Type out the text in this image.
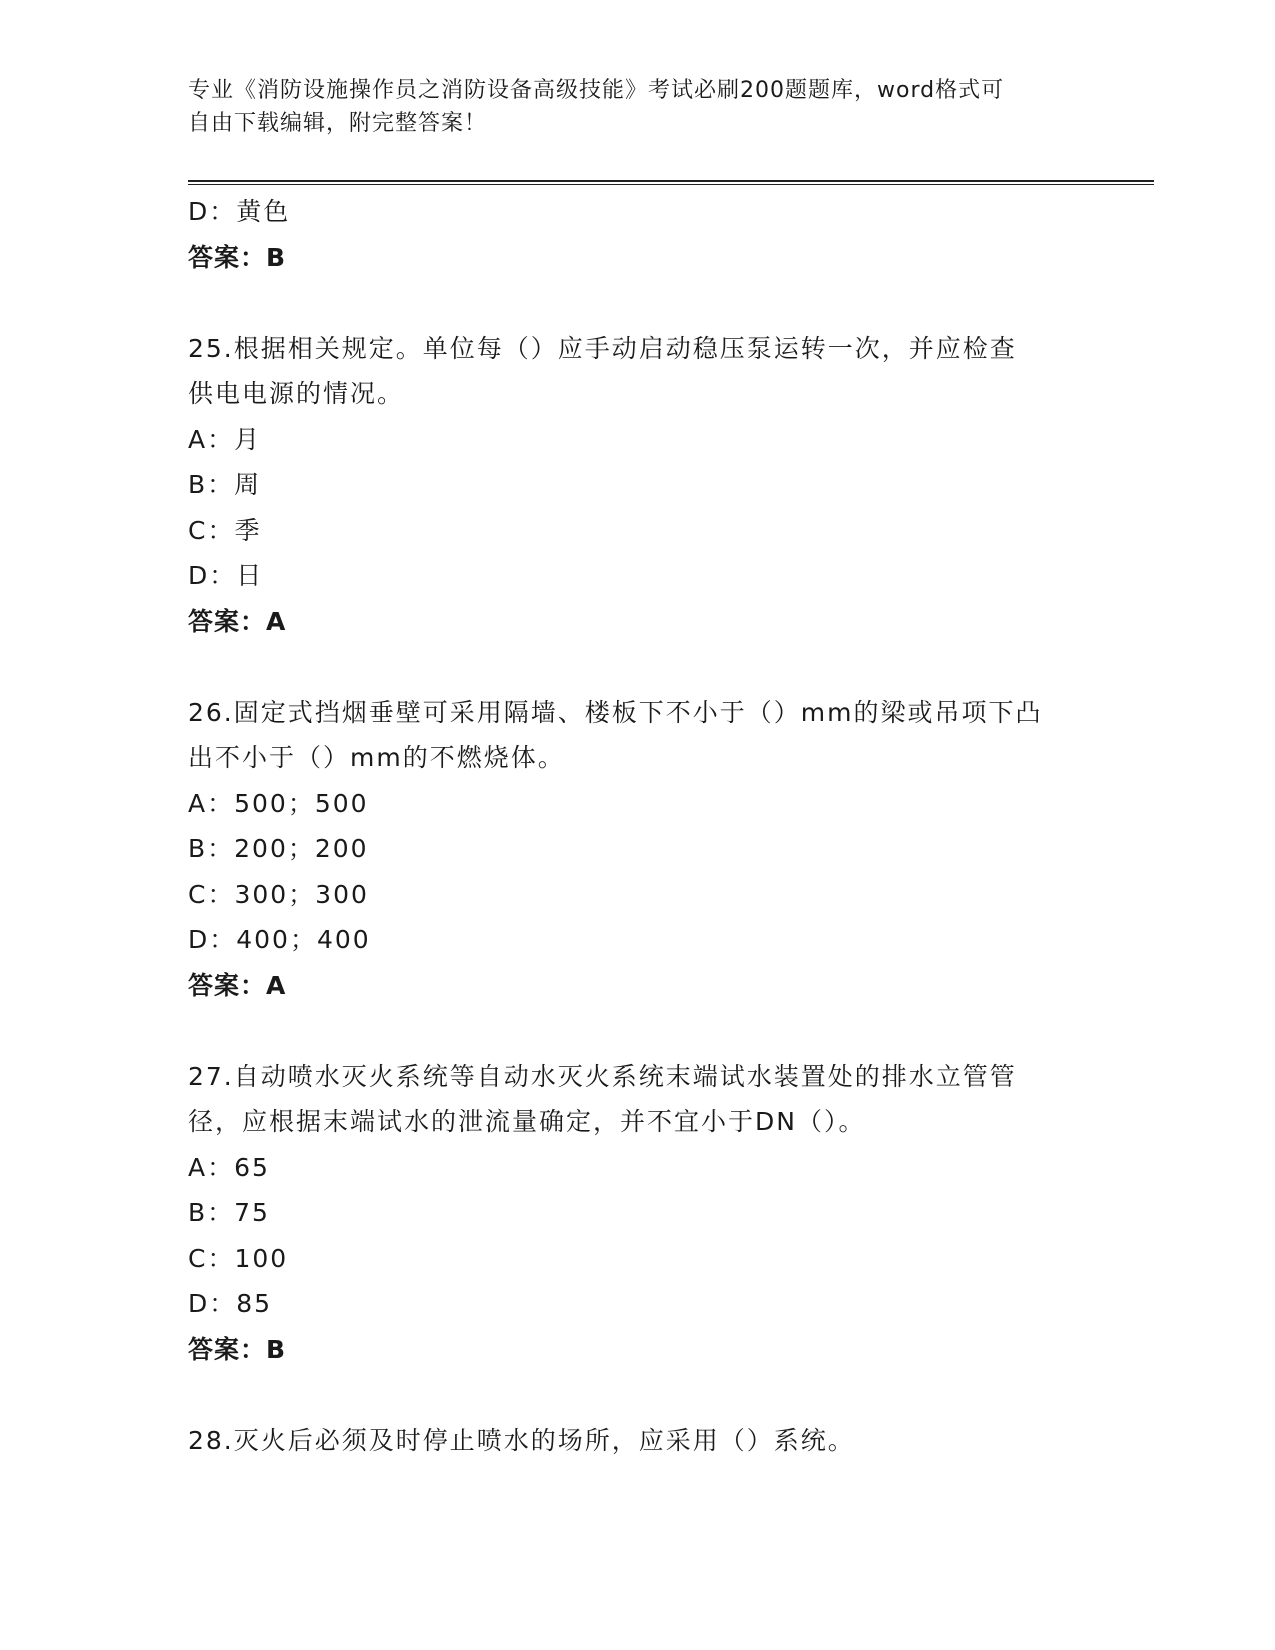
专业《消防设施操作员之消防设备高级技能》考试必刷200题题库，word格式可
自由下载编辑，附完整答案！
D：黄色
答案：B
25.根据相关规定。单位每（）应手动启动稳压泵运转一次，并应检查
供电电源的情况。
A：月
B：周
C：季
D：日
答案：A
26.固定式挡烟垂壁可采用隔墙、楼板下不小于（）mm的梁或吊项下凸
出不小于（）mm的不燃烧体。
A：500；500
B：200；200
C：300；300
D：400；400
答案：A
27.自动喷水灭火系统等自动水灭火系统末端试水装置处的排水立管管
径，应根据末端试水的泄流量确定，并不宜小于DN（）。
A：65
B：75
C：100
D：85
答案：B
28.灭火后必须及时停止喷水的场所，应采用（）系统。
